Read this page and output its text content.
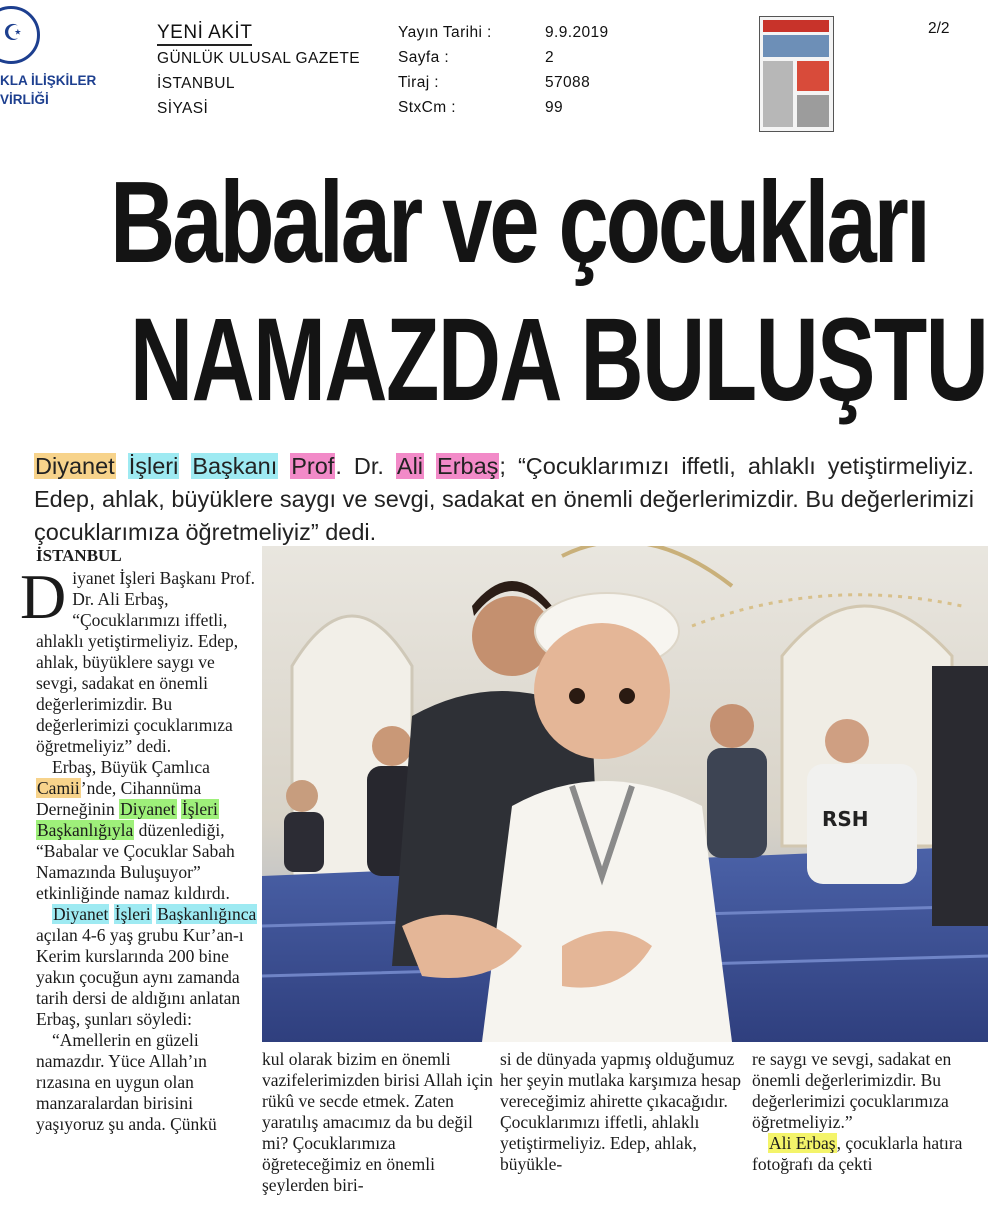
☪
KLA İLİŞKİLER
VİRLİĞİ
YENİ AKİT
GÜNLÜK ULUSAL GAZETE
İSTANBUL
SİYASİ
Yayın Tarihi :
Sayfa :
Tiraj :
StxCm :
9.9.2019
2
57088
99
2/2
Babalar ve çocukları
NAMAZDA BULUŞTU
Diyanet İşleri Başkanı Prof. Dr. Ali Erbaş; “Çocuklarımızı iffetli, ahlaklı yetiştirmeliyiz. Edep, ahlak, büyüklere saygı ve sevgi, sadakat en önemli değerlerimizdir. Bu değerlerimizi çocuklarımıza öğretmeliyiz” dedi.
İSTANBUL

Diyanet İşleri Başkanı Prof. Dr. Ali Erbaş, “Çocuklarımızı iffetli, ahlaklı yetiştirmeliyiz. Edep, ahlak, büyüklere saygı ve sevgi, sadakat en önemli değerlerimizdir. Bu değerlerimizi çocuklarımıza öğretmeliyiz” dedi.

Erbaş, Büyük Çamlıca Camii’nde, Cihannüma Derneğinin Diyanet İşleri Başkanlığıyla düzenlediği, “Babalar ve Çocuklar Sabah Namazında Buluşuyor” etkinliğinde namaz kıldırdı.

Diyanet İşleri Başkanlığınca açılan 4-6 yaş grubu Kur’an-ı Kerim kurslarında 200 bine yakın çocuğun aynı zamanda tarih dersi de aldığını anlatan Erbaş, şunları söyledi:

“Amellerin en güzeli namazdır. Yüce Allah’ın rızasına en uygun olan manzaralardan birisini yaşıyoruz şu anda. Çünkü

RSH

kul olarak bizim en önemli vazifelerimizden birisi Allah için rükû ve secde etmek. Zaten yaratılış amacımız da bu değil mi? Çocuklarımıza öğreteceğimiz en önemli şeylerden biri-

si de dünyada yapmış olduğumuz her şeyin mutlaka karşımıza hesap vereceğimiz ahirette çıkacağıdır. Çocuklarımızı iffetli, ahlaklı yetiştirmeliyiz. Edep, ahlak, büyükle-

re saygı ve sevgi, sadakat en önemli değerlerimizdir. Bu değerlerimizi çocuklarımıza öğretmeliyiz.”

Ali Erbaş, çocuklarla hatıra fotoğrafı da çekti
